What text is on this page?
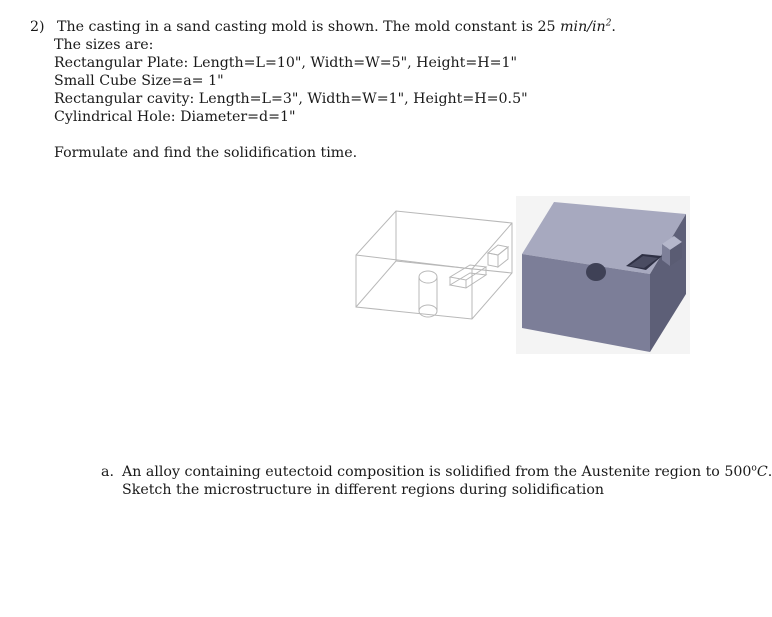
2) The casting in a sand casting mold is shown. The mold constant is 25 $\min/in^2$.
The sizes are:
Rectangular Plate: Length=L=10", Width=W=5", Height=H=1"
Small Cube Size=a= 1"
Rectangular cavity: Length=L=3", Width=W=1", Height=H=0.5"
Cylindrical Hole: Diameter=d=1"
Formulate and find the solidification time.
a. An alloy containing eutectoid composition is solidified from the Austenite region to 500$^o$C.
Sketch the microstructure in different regions during solidification
